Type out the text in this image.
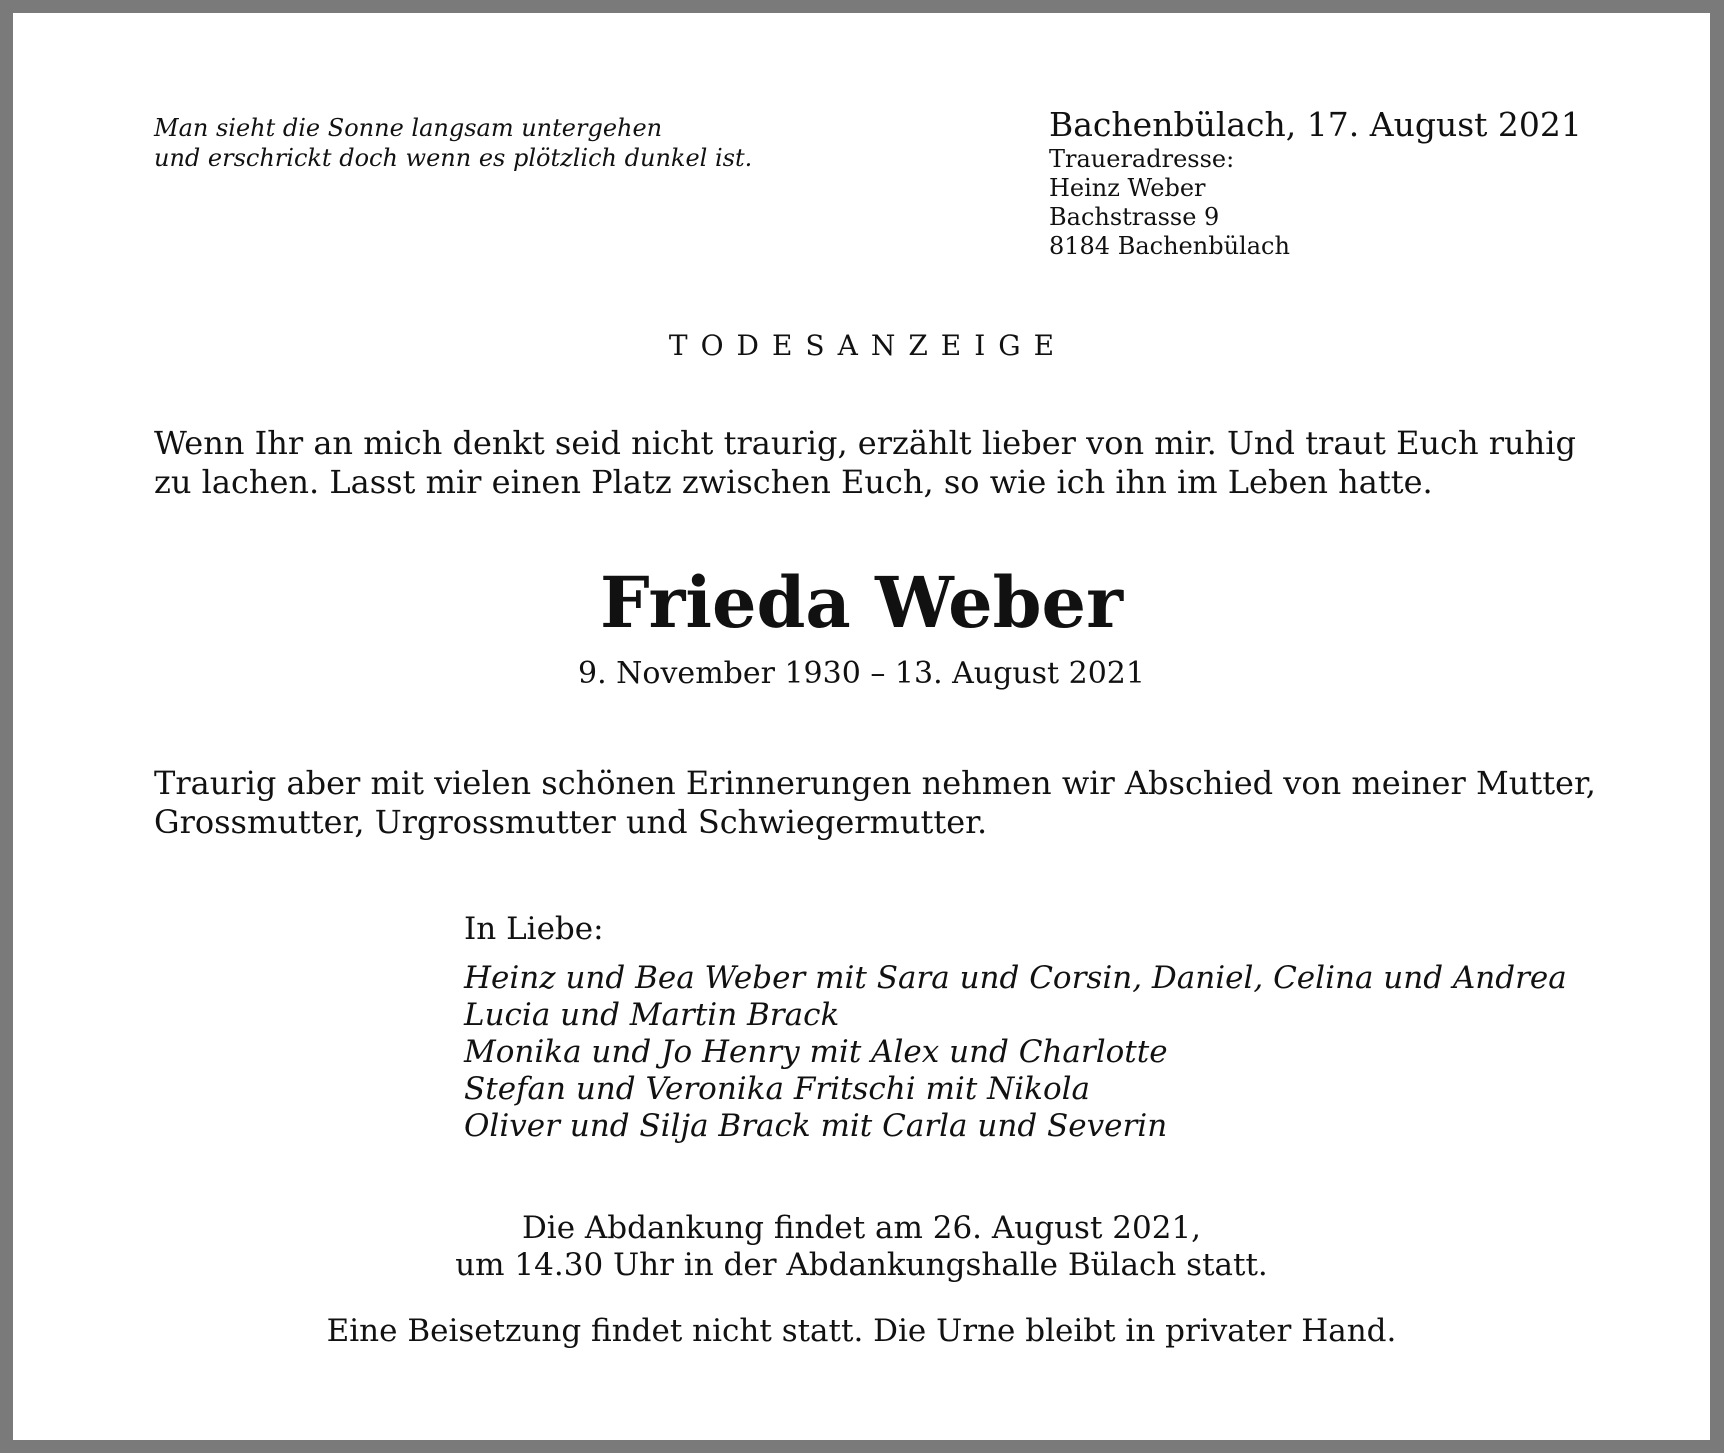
Man sieht die Sonne langsam untergehen
und erschrickt doch wenn es plötzlich dunkel ist.
Bachenbülach, 17. August 2021
Traueradresse:
Heinz Weber
Bachstrasse 9
8184 Bachenbülach
TODESANZEIGE
Wenn Ihr an mich denkt seid nicht traurig, erzählt lieber von mir. Und traut Euch ruhig
zu lachen. Lasst mir einen Platz zwischen Euch, so wie ich ihn im Leben hatte.
Frieda Weber
9. November 1930 – 13. August 2021
Traurig aber mit vielen schönen Erinnerungen nehmen wir Abschied von meiner Mutter,
Grossmutter, Urgrossmutter und Schwiegermutter.
In Liebe:
Heinz und Bea Weber mit Sara und Corsin, Daniel, Celina und Andrea
Lucia und Martin Brack
Monika und Jo Henry mit Alex und Charlotte
Stefan und Veronika Fritschi mit Nikola
Oliver und Silja Brack mit Carla und Severin
Die Abdankung findet am 26. August 2021,
um 14.30 Uhr in der Abdankungshalle Bülach statt.
Eine Beisetzung findet nicht statt. Die Urne bleibt in privater Hand.
